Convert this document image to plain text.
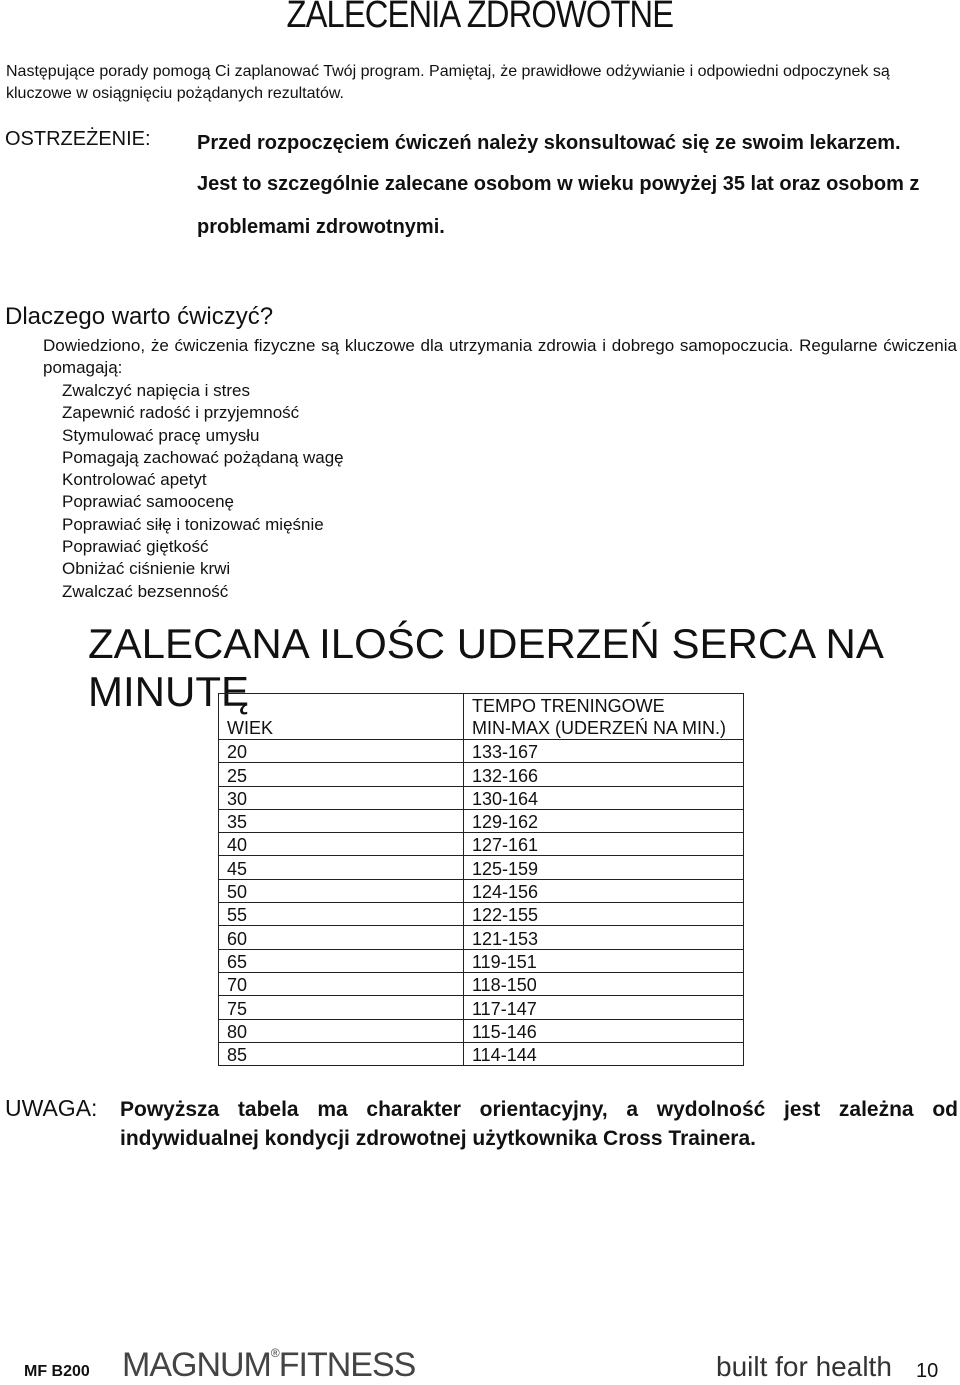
ZALECENIA ZDROWOTNE
Następujące porady pomogą Ci zaplanować Twój program. Pamiętaj, że prawidłowe odżywianie i odpowiedni odpoczynek są kluczowe w osiągnięciu pożądanych rezultatów.
OSTRZEŻENIE: Przed rozpoczęciem ćwiczeń należy skonsultować się ze swoim lekarzem.
Jest to szczególnie zalecane osobom w wieku powyżej 35 lat oraz osobom z
problemami zdrowotnymi.
Dlaczego warto ćwiczyć?
Dowiedziono, że ćwiczenia fizyczne są kluczowe dla utrzymania zdrowia i dobrego samopoczucia. Regularne ćwiczenia pomagają:
Zwalczyć napięcia i stres
Zapewnić radość i przyjemność
Stymulować pracę umysłu
Pomagają zachować pożądaną wagę
Kontrolować apetyt
Poprawiać samoocenę
Poprawiać siłę i tonizować mięśnie
Poprawiać giętkość
Obniżać ciśnienie krwi
Zwalczać bezsenność
ZALECANA ILOŚC UDERZEŃ SERCA NA MINUTĘ
WIEK	TEMPO TRENINGOWE
MIN-MAX (UDERZEŃ NA MIN.)

20	133-167
25	132-166
30	130-164
35	129-162
40	127-161
45	125-159
50	124-156
55	122-155
60	121-153
65	119-151
70	118-150
75	117-147
80	115-146
85	114-144
UWAGA: Powyższa tabela ma charakter orientacyjny, a wydolność jest zależna od indywidualnej kondycji zdrowotnej użytkownika Cross Trainera.
MF B200 MAGNUM®FITNESS	built for health 10
